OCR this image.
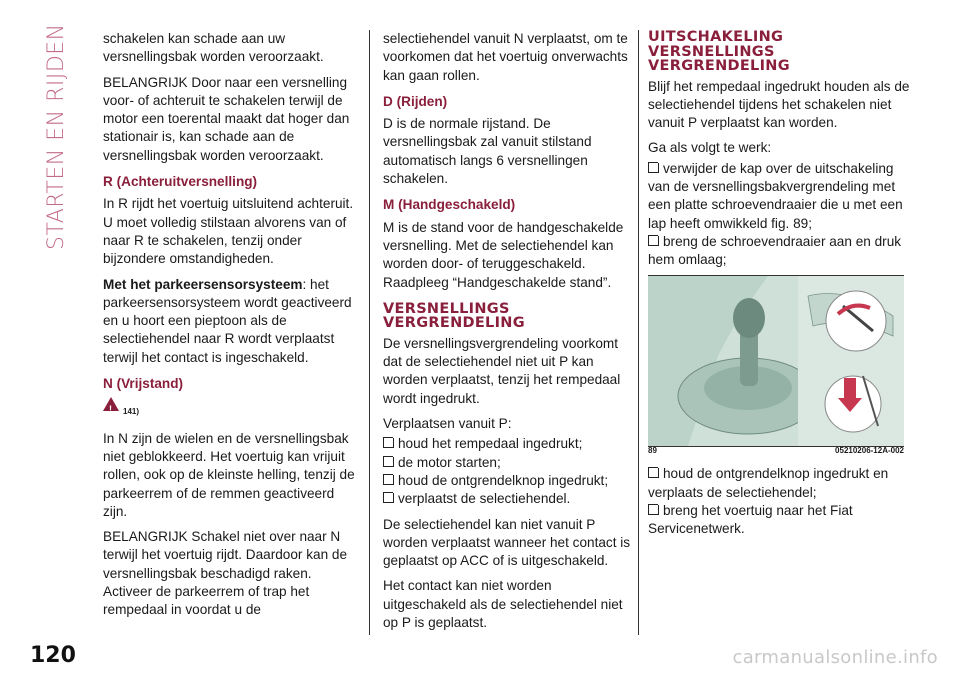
STARTEN EN RIJDEN	schakelen kan schade aan uw versnellingsbak worden veroorzaakt.

BELANGRIJK Door naar een versnelling voor- of achteruit te schakelen terwijl de motor een toerental maakt dat hoger dan stationair is, kan schade aan de versnellingsbak worden veroorzaakt.

R (Achteruitversnelling)

In R rijdt het voertuig uitsluitend achteruit. U moet volledig stilstaan alvorens van of naar R te schakelen, tenzij onder bijzondere omstandigheden.

Met het parkeersensorsysteem: het parkeersensorsysteem wordt geactiveerd en u hoort een pieptoon als de selectiehendel naar R wordt verplaatst terwijl het contact is ingeschakeld.

N (Vrijstand)
! 141)

In N zijn de wielen en de versnellingsbak niet geblokkeerd. Het voertuig kan vrijuit rollen, ook op de kleinste helling, tenzij de parkeerrem of de remmen geactiveerd zijn.

BELANGRIJK Schakel niet over naar N terwijl het voertuig rijdt. Daardoor kan de versnellingsbak beschadigd raken. Activeer de parkeerrem of trap het rempedaal in voordat u de

selectiehendel vanuit N verplaatst, om te voorkomen dat het voertuig onverwachts kan gaan rollen.

D (Rijden)

D is de normale rijstand. De versnellingsbak zal vanuit stilstand automatisch langs 6 versnellingen schakelen.

M (Handgeschakeld)

M is de stand voor de handgeschakelde versnelling. Met de selectiehendel kan worden door- of teruggeschakeld. Raadpleeg “Handgeschakelde stand”.

VERSNELLINGS
VERGRENDELING

De versnellingsvergrendeling voorkomt dat de selectiehendel niet uit P kan worden verplaatst, tenzij het rempedaal wordt ingedrukt.

Verplaatsen vanuit P:

houd het rempedaal ingedrukt;
de motor starten;
houd de ontgrendelknop ingedrukt;
verplaatst de selectiehendel.

De selectiehendel kan niet vanuit P worden verplaatst wanneer het contact is geplaatst op ACC of is uitgeschakeld.

Het contact kan niet worden uitgeschakeld als de selectiehendel niet op P is geplaatst.

UITSCHAKELING
VERSNELLINGS
VERGRENDELING

Blijf het rempedaal ingedrukt houden als de selectiehendel tijdens het schakelen niet vanuit P verplaatst kan worden.

Ga als volgt te werk:

verwijder de kap over de uitschakeling van de versnellingsbakvergrendeling met een platte schroevendraaier die u met een lap heeft omwikkeld fig. 89;
breng de schroevendraaier aan en druk hem omlaag;
89	05210206-12A-002
houd de ontgrendelknop ingedrukt en verplaats de selectiehendel;
breng het voertuig naar het Fiat Servicenetwerk.
120	carmanualsonline.info
